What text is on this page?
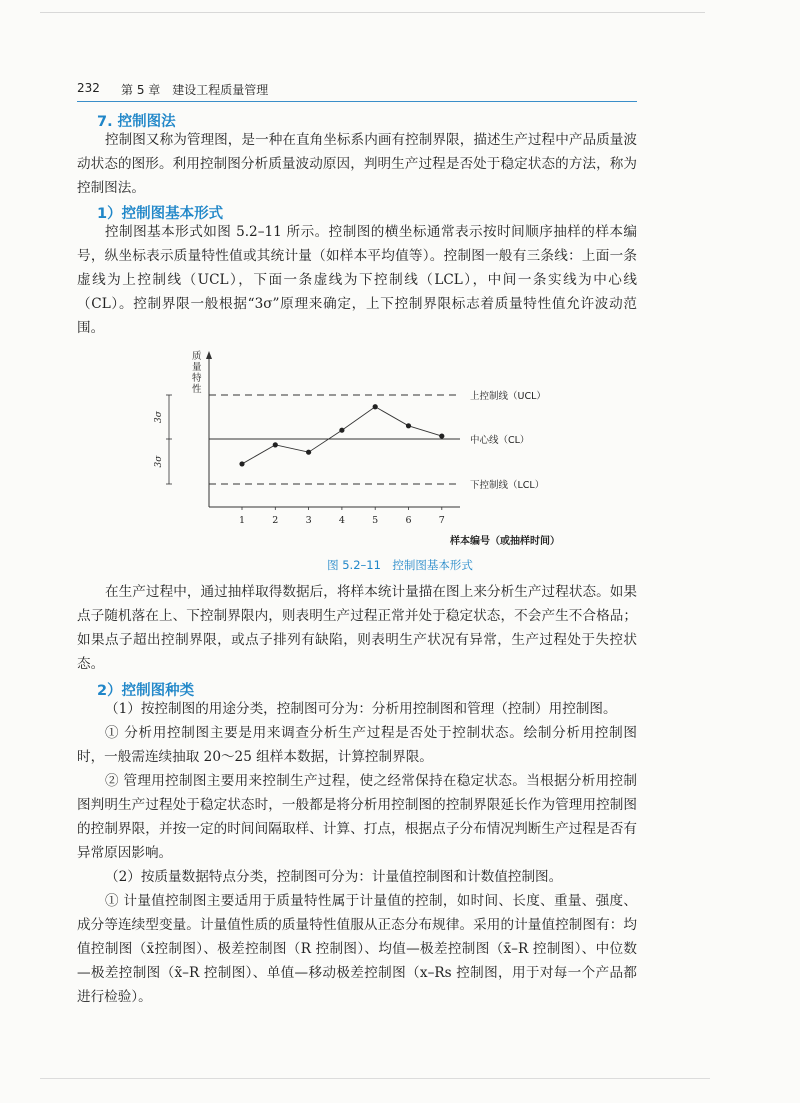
232 第 5 章　建设工程质量管理
7. 控制图法

控制图又称为管理图，是一种在直角坐标系内画有控制界限，描述生产过程中产品质量波动状态的图形。利用控制图分析质量波动原因，判明生产过程是否处于稳定状态的方法，称为控制图法。

1）控制图基本形式

控制图基本形式如图 5.2–11 所示。控制图的横坐标通常表示按时间顺序抽样的样本编号，纵坐标表示质量特性值或其统计量（如样本平均值等）。控制图一般有三条线：上面一条虚线为上控制线（UCL），下面一条虚线为下控制线（LCL），中间一条实线为中心线（CL）。控制界限一般根据“3σ”原理来确定，上下控制界限标志着质量特性值允许波动范围。

上控制线（UCL）
中心线（CL）
下控制线（LCL）
质量特性
3σ
3σ
1	2	3	4	5	6	7
样本编号（或抽样时间）
图 5.2–11　控制图基本形式

在生产过程中，通过抽样取得数据后，将样本统计量描在图上来分析生产过程状态。如果点子随机落在上、下控制界限内，则表明生产过程正常并处于稳定状态，不会产生不合格品；如果点子超出控制界限，或点子排列有缺陷，则表明生产状况有异常，生产过程处于失控状态。

2）控制图种类

（1）按控制图的用途分类，控制图可分为：分析用控制图和管理（控制）用控制图。

① 分析用控制图主要是用来调查分析生产过程是否处于控制状态。绘制分析用控制图时，一般需连续抽取 20～25 组样本数据，计算控制界限。

② 管理用控制图主要用来控制生产过程，使之经常保持在稳定状态。当根据分析用控制图判明生产过程处于稳定状态时，一般都是将分析用控制图的控制界限延长作为管理用控制图的控制界限，并按一定的时间间隔取样、计算、打点，根据点子分布情况判断生产过程是否有异常原因影响。

（2）按质量数据特点分类，控制图可分为：计量值控制图和计数值控制图。

① 计量值控制图主要适用于质量特性属于计量值的控制，如时间、长度、重量、强度、成分等连续型变量。计量值性质的质量特性值服从正态分布规律。采用的计量值控制图有：均值控制图（x̄控制图）、极差控制图（R 控制图）、均值—极差控制图（x̄–R 控制图）、中位数—极差控制图（x̃–R 控制图）、单值—移动极差控制图（x–Rs 控制图，用于对每一个产品都进行检验）。
